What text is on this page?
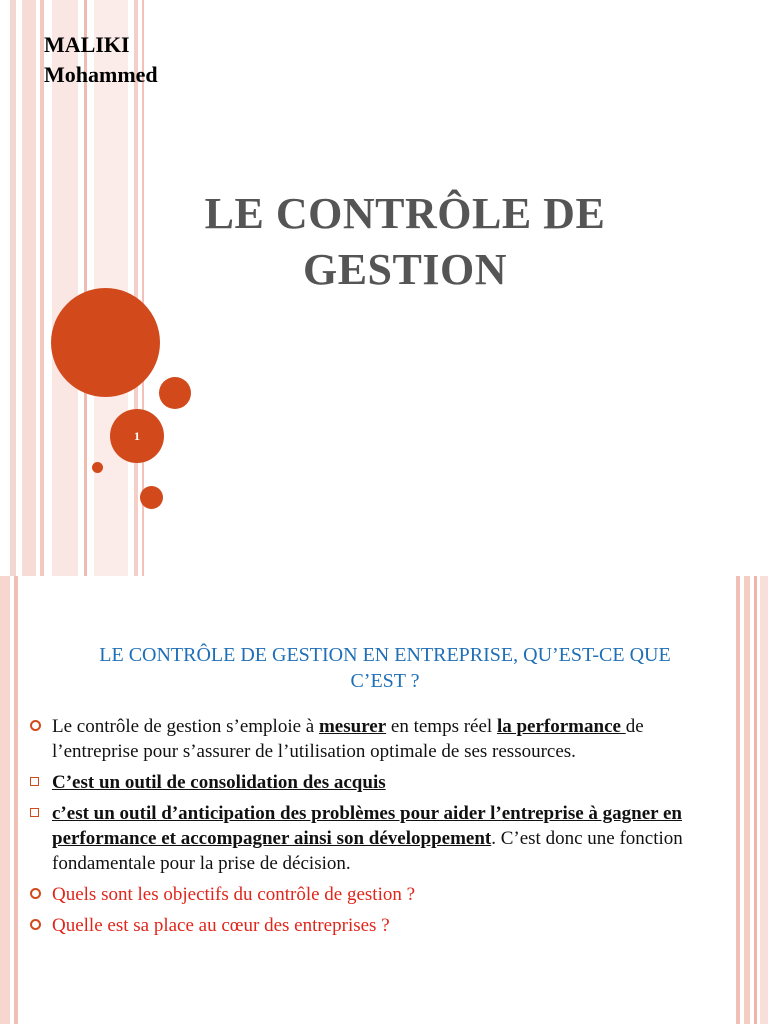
MALIKI
Mohammed
LE CONTRÔLE DE
GESTION
1
LE CONTRÔLE DE GESTION EN ENTREPRISE, QU’EST-CE QUE
C’EST ?
Le contrôle de gestion s’emploie à mesurer en temps réel la performance de l’entreprise pour s’assurer de l’utilisation optimale de ses ressources.
C’est un outil de consolidation des acquis
c’est un outil d’anticipation des problèmes pour aider l’entreprise à gagner en performance et accompagner ainsi son développement. C’est donc une fonction fondamentale pour la prise de décision.
Quels sont les objectifs du contrôle de gestion ?
Quelle est sa place au cœur des entreprises ?
